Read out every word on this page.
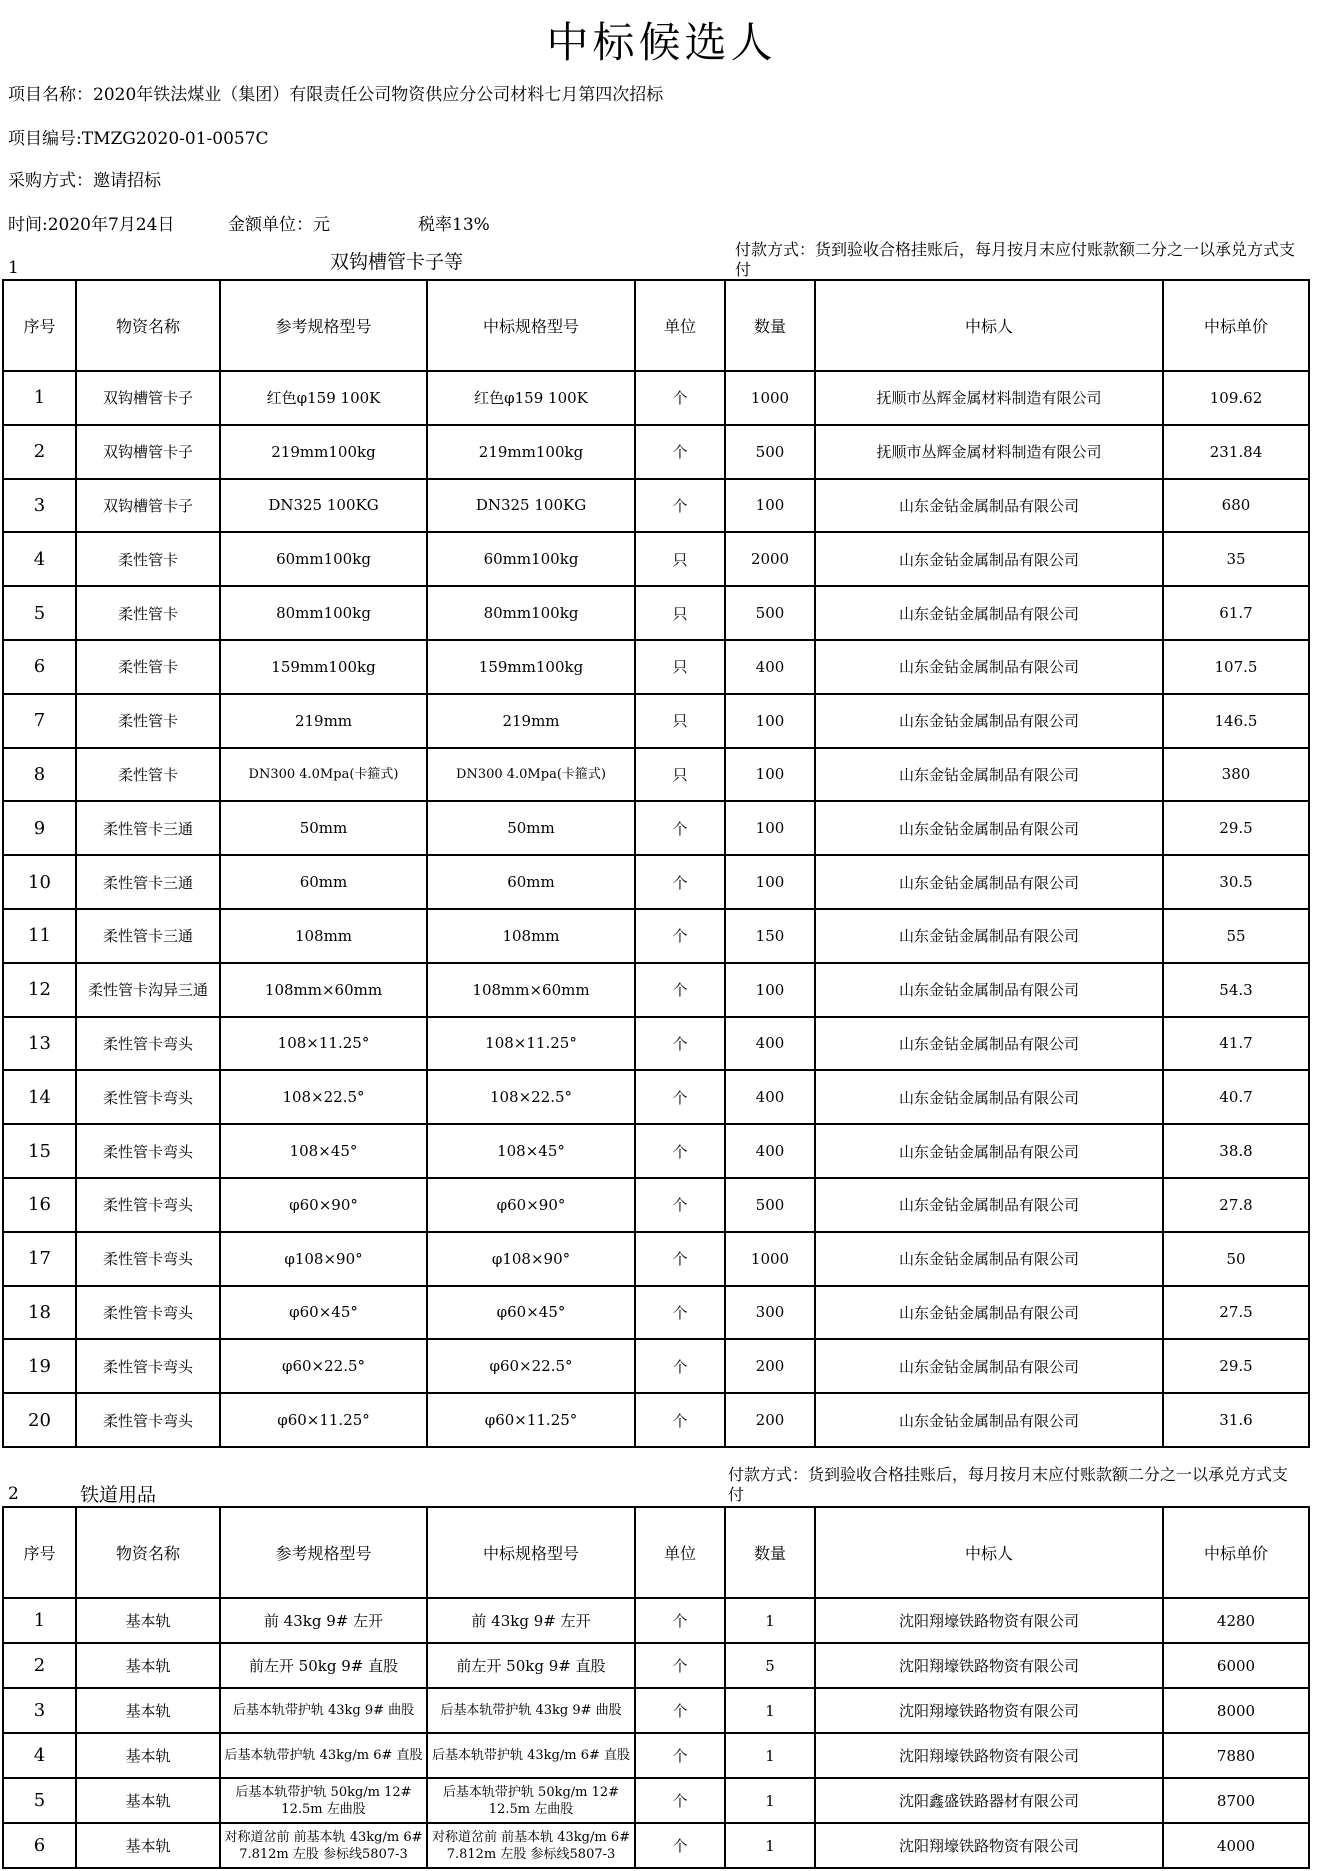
中标候选人
项目名称：2020年铁法煤业（集团）有限责任公司物资供应分公司材料七月第四次招标
项目编号:TMZG2020-01-0057C
采购方式：邀请招标
时间:2020年7月24日	金额单位：元	税率13%
1	双钩槽管卡子等
付款方式：货到验收合格挂账后，每月按月末应付账款额二分之一以承兑方式支付
序号	物资名称	参考规格型号	中标规格型号	单位	数量	中标人	中标单价
1	双钩槽管卡子	红色φ159 100K	红色φ159 100K	个	1000	抚顺市丛辉金属材料制造有限公司	109.62
2	双钩槽管卡子	219mm100kg	219mm100kg	个	500	抚顺市丛辉金属材料制造有限公司	231.84
3	双钩槽管卡子	DN325 100KG	DN325 100KG	个	100	山东金钻金属制品有限公司	680
4	柔性管卡	60mm100kg	60mm100kg	只	2000	山东金钻金属制品有限公司	35
5	柔性管卡	80mm100kg	80mm100kg	只	500	山东金钻金属制品有限公司	61.7
6	柔性管卡	159mm100kg	159mm100kg	只	400	山东金钻金属制品有限公司	107.5
7	柔性管卡	219mm	219mm	只	100	山东金钻金属制品有限公司	146.5
8	柔性管卡	DN300 4.0Mpa(卡箍式)	DN300 4.0Mpa(卡箍式)	只	100	山东金钻金属制品有限公司	380
9	柔性管卡三通	50mm	50mm	个	100	山东金钻金属制品有限公司	29.5
10	柔性管卡三通	60mm	60mm	个	100	山东金钻金属制品有限公司	30.5
11	柔性管卡三通	108mm	108mm	个	150	山东金钻金属制品有限公司	55
12	柔性管卡沟异三通	108mm×60mm	108mm×60mm	个	100	山东金钻金属制品有限公司	54.3
13	柔性管卡弯头	108×11.25°	108×11.25°	个	400	山东金钻金属制品有限公司	41.7
14	柔性管卡弯头	108×22.5°	108×22.5°	个	400	山东金钻金属制品有限公司	40.7
15	柔性管卡弯头	108×45°	108×45°	个	400	山东金钻金属制品有限公司	38.8
16	柔性管卡弯头	φ60×90°	φ60×90°	个	500	山东金钻金属制品有限公司	27.8
17	柔性管卡弯头	φ108×90°	φ108×90°	个	1000	山东金钻金属制品有限公司	50
18	柔性管卡弯头	φ60×45°	φ60×45°	个	300	山东金钻金属制品有限公司	27.5
19	柔性管卡弯头	φ60×22.5°	φ60×22.5°	个	200	山东金钻金属制品有限公司	29.5
20	柔性管卡弯头	φ60×11.25°	φ60×11.25°	个	200	山东金钻金属制品有限公司	31.6
2	铁道用品
付款方式：货到验收合格挂账后，每月按月末应付账款额二分之一以承兑方式支付
序号	物资名称	参考规格型号	中标规格型号	单位	数量	中标人	中标单价
1	基本轨	前 43kg 9# 左开	前 43kg 9# 左开	个	1	沈阳翔壕铁路物资有限公司	4280
2	基本轨	前左开 50kg 9# 直股	前左开 50kg 9# 直股	个	5	沈阳翔壕铁路物资有限公司	6000
3	基本轨	后基本轨带护轨 43kg 9# 曲股	后基本轨带护轨 43kg 9# 曲股	个	1	沈阳翔壕铁路物资有限公司	8000
4	基本轨	后基本轨带护轨 43kg/m 6# 直股	后基本轨带护轨 43kg/m 6# 直股	个	1	沈阳翔壕铁路物资有限公司	7880
5	基本轨	后基本轨带护轨 50kg/m 12# 12.5m 左曲股	后基本轨带护轨 50kg/m 12# 12.5m 左曲股	个	1	沈阳鑫盛铁路器材有限公司	8700
6	基本轨	对称道岔前 前基本轨 43kg/m 6# 7.812m 左股 参标线5807-3	对称道岔前 前基本轨 43kg/m 6# 7.812m 左股 参标线5807-3	个	1	沈阳翔壕铁路物资有限公司	4000
